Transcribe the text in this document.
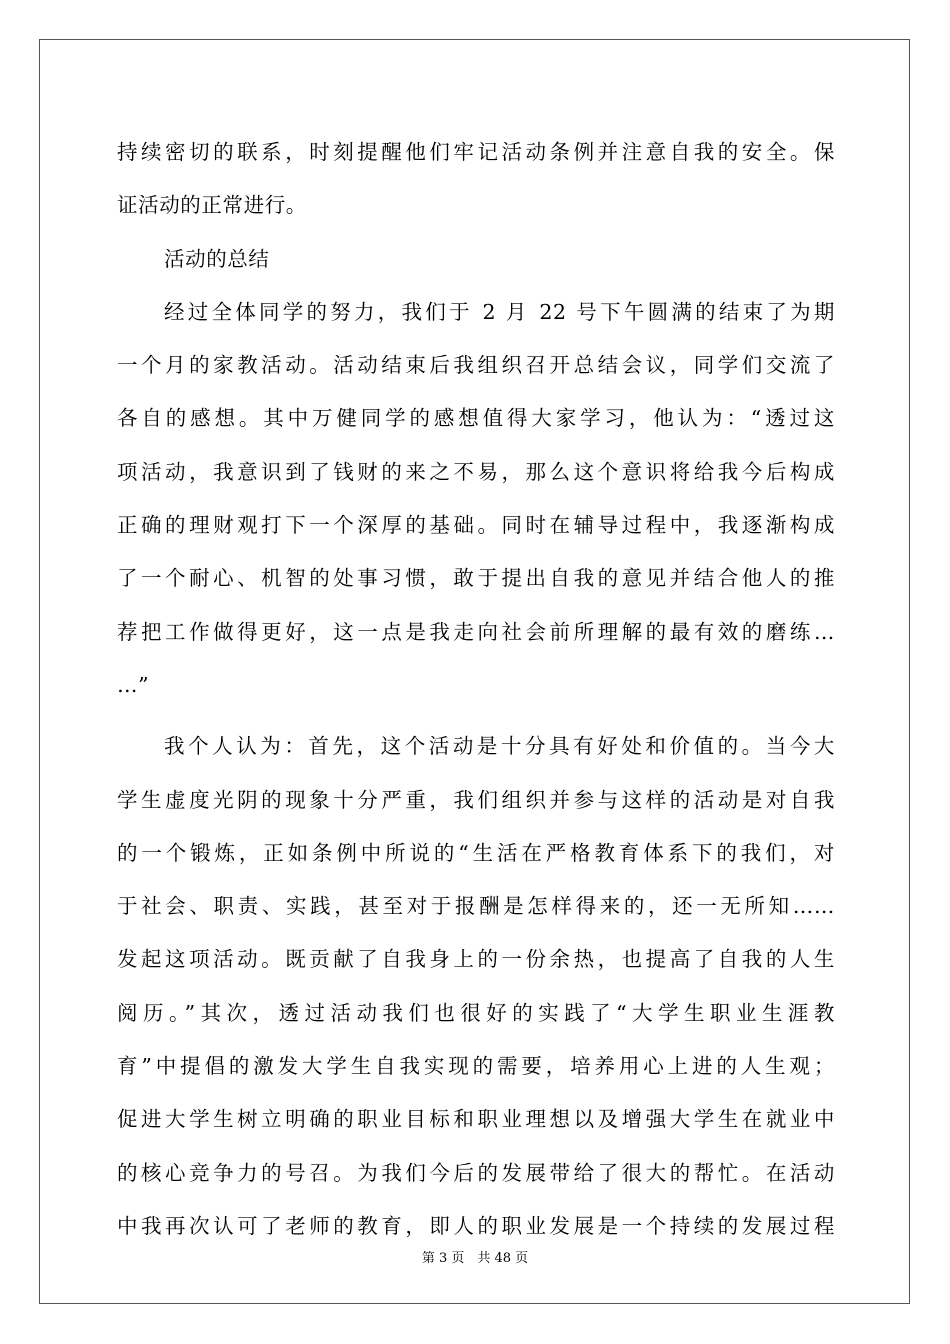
持续密切的联系，时刻提醒他们牢记活动条例并注意自我的安全。保
证活动的正常进行。
活动的总结
经过全体同学的努力，我们于 2 月 22 号下午圆满的结束了为期
一个月的家教活动。活动结束后我组织召开总结会议，同学们交流了
各自的感想。其中万健同学的感想值得大家学习，他认为：“透过这
项活动，我意识到了钱财的来之不易，那么这个意识将给我今后构成
正确的理财观打下一个深厚的基础。同时在辅导过程中，我逐渐构成
了一个耐心、机智的处事习惯，敢于提出自我的意见并结合他人的推
荐把工作做得更好，这一点是我走向社会前所理解的最有效的磨练…
…”
我个人认为：首先，这个活动是十分具有好处和价值的。当今大
学生虚度光阴的现象十分严重，我们组织并参与这样的活动是对自我
的一个锻炼，正如条例中所说的“生活在严格教育体系下的我们，对
于社会、职责、实践，甚至对于报酬是怎样得来的，还一无所知……
发起这项活动。既贡献了自我身上的一份余热，也提高了自我的人生
阅历。”其次，透过活动我们也很好的实践了“大学生职业生涯教
育”中提倡的激发大学生自我实现的需要，培养用心上进的人生观；
促进大学生树立明确的职业目标和职业理想以及增强大学生在就业中
的核心竞争力的号召。为我们今后的发展带给了很大的帮忙。在活动
中我再次认可了老师的教育，即人的职业发展是一个持续的发展过程
第 3 页　共 48 页
